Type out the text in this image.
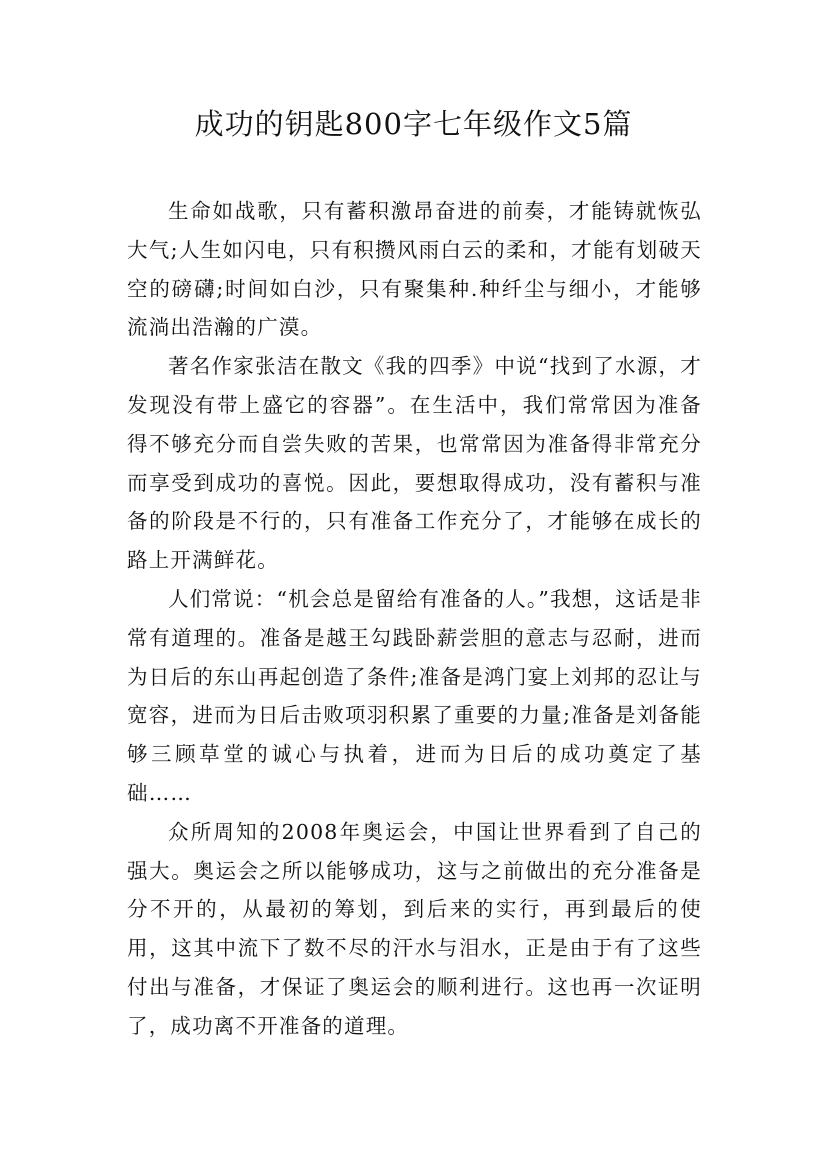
成功的钥匙800字七年级作文5篇

生命如战歌，只有蓄积激昂奋进的前奏，才能铸就恢弘大气;人生如闪电，只有积攒风雨白云的柔和，才能有划破天空的磅礴;时间如白沙，只有聚集种.种纤尘与细小，才能够流淌出浩瀚的广漠。

著名作家张洁在散文《我的四季》中说“找到了水源，才发现没有带上盛它的容器”。在生活中，我们常常因为准备得不够充分而自尝失败的苦果，也常常因为准备得非常充分而享受到成功的喜悦。因此，要想取得成功，没有蓄积与准备的阶段是不行的，只有准备工作充分了，才能够在成长的路上开满鲜花。

人们常说：“机会总是留给有准备的人。”我想，这话是非常有道理的。准备是越王勾践卧薪尝胆的意志与忍耐，进而为日后的东山再起创造了条件;准备是鸿门宴上刘邦的忍让与宽容，进而为日后击败项羽积累了重要的力量;准备是刘备能够三顾草堂的诚心与执着，进而为日后的成功奠定了基础……

众所周知的2008年奥运会，中国让世界看到了自己的强大。奥运会之所以能够成功，这与之前做出的充分准备是分不开的，从最初的筹划，到后来的实行，再到最后的使用，这其中流下了数不尽的汗水与泪水，正是由于有了这些付出与准备，才保证了奥运会的顺利进行。这也再一次证明了，成功离不开准备的道理。
